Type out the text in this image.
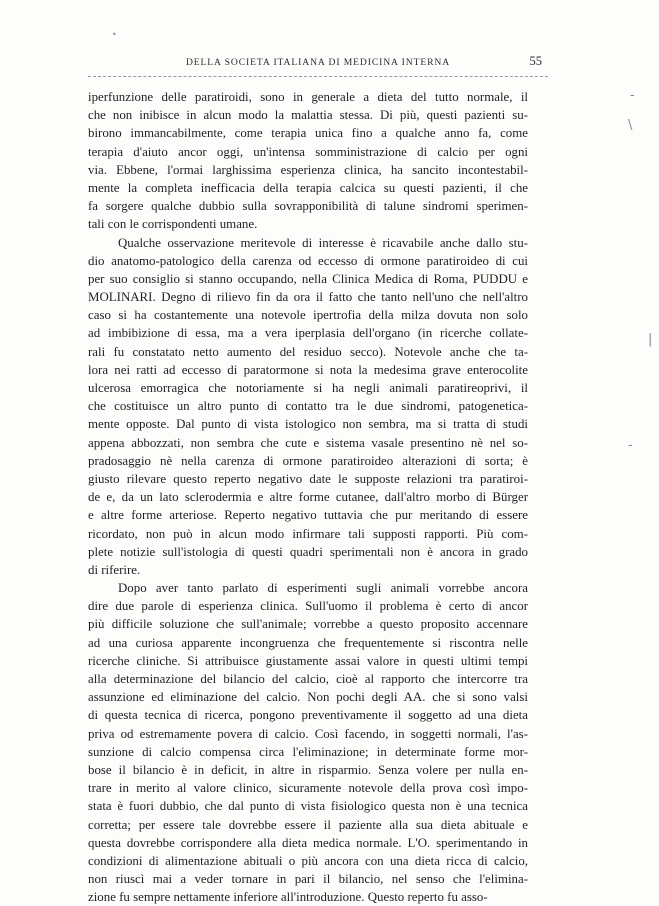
DELLA SOCIETA ITALIANA DI MEDICINA INTERNA	55
•
-
\
|
-
iperfunzione delle paratiroidi, sono in generale a dieta del tutto normale, il
che non inibisce in alcun modo la malattia stessa. Di più, questi pazienti su-
birono immancabilmente, come terapia unica fino a qualche anno fa, come
terapia d'aiuto ancor oggi, un'intensa somministrazione di calcio per ogni
via. Ebbene, l'ormai larghissima esperienza clinica, ha sancito incontestabil-
mente la completa inefficacia della terapia calcica su questi pazienti, il che
fa sorgere qualche dubbio sulla sovrapponibilità di talune sindromi sperimen-
tali con le corrispondenti umane.
Qualche osservazione meritevole di interesse è ricavabile anche dallo stu-
dio anatomo-patologico della carenza od eccesso di ormone paratiroideo di cui
per suo consiglio si stanno occupando, nella Clinica Medica di Roma, PUDDU e
MOLINARI. Degno di rilievo fin da ora il fatto che tanto nell'uno che nell'altro
caso si ha costantemente una notevole ipertrofia della milza dovuta non solo
ad imbibizione di essa, ma a vera iperplasia dell'organo (in ricerche collate-
rali fu constatato netto aumento del residuo secco). Notevole anche che ta-
lora nei ratti ad eccesso di paratormone si nota la medesima grave enterocolite
ulcerosa emorragica che notoriamente si ha negli animali paratireoprivi, il
che costituisce un altro punto di contatto tra le due sindromi, patogenetica-
mente opposte. Dal punto di vista istologico non sembra, ma si tratta di studi
appena abbozzati, non sembra che cute e sistema vasale presentino nè nel so-
pradosaggio nè nella carenza di ormone paratiroideo alterazioni di sorta; è
giusto rilevare questo reperto negativo date le supposte relazioni tra paratiroi-
de e, da un lato sclerodermia e altre forme cutanee, dall'altro morbo di Bürger
e altre forme arteriose. Reperto negativo tuttavia che pur meritando di essere
ricordato, non può in alcun modo infirmare tali supposti rapporti. Più com-
plete notizie sull'istologia di questi quadri sperimentali non è ancora in grado
di riferire.
Dopo aver tanto parlato di esperimenti sugli animali vorrebbe ancora
dire due parole di esperienza clinica. Sull'uomo il problema è certo di ancor
più difficile soluzione che sull'animale; vorrebbe a questo proposito accennare
ad una curiosa apparente incongruenza che frequentemente si riscontra nelle
ricerche cliniche. Si attribuisce giustamente assai valore in questi ultimi tempi
alla determinazione del bilancio del calcio, cioè al rapporto che intercorre tra
assunzione ed eliminazione del calcio. Non pochi degli AA. che si sono valsi
di questa tecnica di ricerca, pongono preventivamente il soggetto ad una dieta
priva od estremamente povera di calcio. Così facendo, in soggetti normali, l'as-
sunzione di calcio compensa circa l'eliminazione; in determinate forme mor-
bose il bilancio è in deficit, in altre in risparmio. Senza volere per nulla en-
trare in merito al valore clinico, sicuramente notevole della prova così impo-
stata è fuori dubbio, che dal punto di vista fisiologico questa non è una tecnica
corretta; per essere tale dovrebbe essere il paziente alla sua dieta abituale e
questa dovrebbe corrispondere alla dieta medica normale. L'O. sperimentando in
condizioni di alimentazione abituali o più ancora con una dieta ricca di calcio,
non riuscì mai a veder tornare in pari il bilancio, nel senso che l'elimina-
zione fu sempre nettamente inferiore all'introduzione. Questo reperto fu asso-
